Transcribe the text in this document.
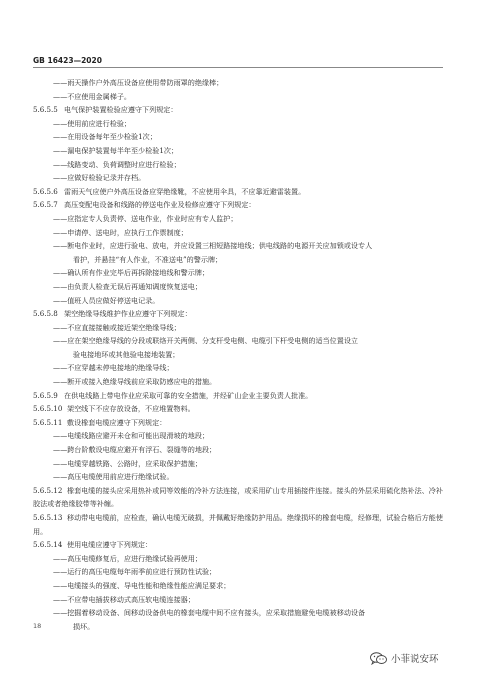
GB 16423—2020
——雨天操作户外高压设备应使用带防雨罩的绝缘棒；
——不应使用金属梯子。
5.6.5.5 电气保护装置检验应遵守下列规定：
——使用前应进行检验；
——在用设备每年至少检验1次；
——漏电保护装置每半年至少检验1次；
——线路变动、负荷调整时应进行检验；
——应做好检验记录并存档。
5.6.5.6 雷雨天气应使户外高压设备应穿绝缘靴，不应使用伞具，不应靠近避雷装置。
5.6.5.7 高压变配电设备和线路的停送电作业及检修应遵守下列规定：
——应指定专人负责停、送电作业，作业时应有专人监护；
——申请停、送电时，应执行工作票制度；
——断电作业时，应进行验电、放电，并应设置三相短路接地线；供电线路的电源开关应加锁或设专人
看护，并悬挂“有人作业，不准送电”的警示牌；
——确认所有作业完毕后再拆除接地线和警示牌；
——由负责人检查无误后再通知调度恢复送电；
——值班人员应做好停送电记录。
5.6.5.8 架空绝缘导线维护作业应遵守下列规定：
——不应直接接触或接近架空绝缘导线；
——应在架空绝缘导线的分段或联络开关两侧、分支杆受电侧、电缆引下杆受电侧的适当位置设立
验电接地环或其他验电接地装置；
——不应穿越未停电接地的绝缘导线；
——断开或接入绝缘导线前应采取防感应电的措施。
5.6.5.9 在供电线路上带电作业应采取可靠的安全措施，并经矿山企业主要负责人批准。
5.6.5.10 架空线下不应存放设备，不应堆置物料。
5.6.5.11 敷设橡套电缆应遵守下列规定：
——电缆线路应避开未仓和可能出现滑坡的地段；
——跨台阶敷设电缆应避开有浮石、裂缝等的地段；
——电缆穿越铁路、公路时，应采取保护措施；
——高压电缆使用前应进行绝缘试验。
5.6.5.12 橡套电缆的接头应采用热补或同等效能的冷补方法连接，或采用矿山专用插接件连接。接头的外层采用硫化热补法、冷补胶法或者绝缘胶带等补缠。
5.6.5.13 移动带电电缆前，应检查，确认电缆无破损，并佩戴好绝缘防护用品。绝缘损坏的橡套电缆，经修理，试验合格后方能使用。
5.6.5.14 使用电缆应遵守下列规定：
——高压电缆修复后，应进行绝缘试验再使用；
——运行的高压电缆每年雨季前应进行预防性试验；
——电缆接头的强度、导电性能和绝缘性能应满足要求；
——不应带电插拔移动式高压软电缆连接器；
——挖掘着移动设备、间移动设备供电的橡套电缆中间不应有接头，应采取措施避免电缆被移动设备
损坏。
18
小菲说安环
